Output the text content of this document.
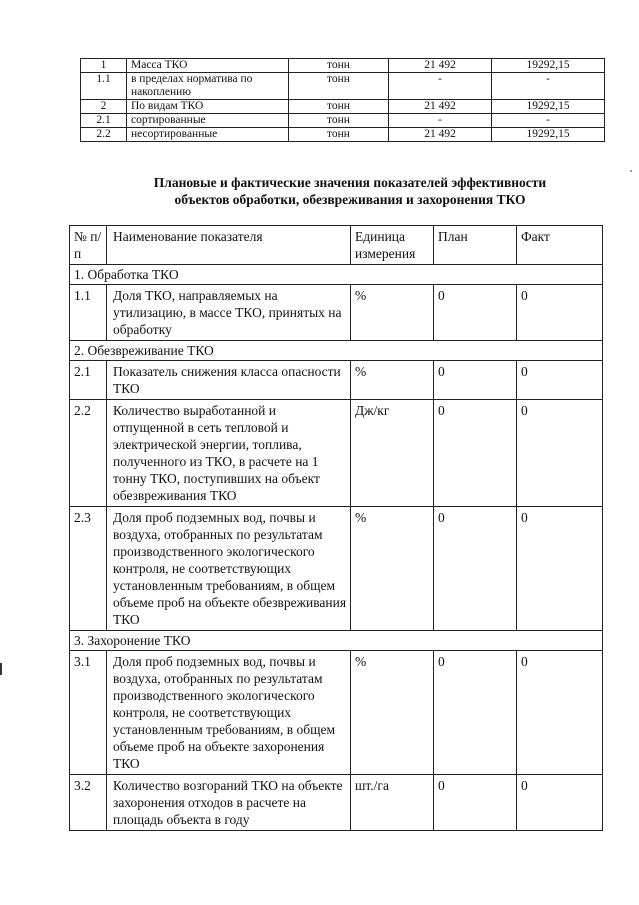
1	Масса ТКО	тонн	21 492	19292,15
1.1	в пределах норматива по накоплению	тонн	-	-
2	По видам ТКО	тонн	21 492	19292,15
2.1	сортированные	тонн	-	-
2.2	несортированные	тонн	21 492	19292,15
Плановые и фактические значения показателей эффективности
объектов обработки, обезвреживания и захоронения ТКО
№ п/п	Наименование показателя	Единица измерения	План	Факт
1. Обработка ТКО				
1.1	Доля ТКО, направляемых на утилизацию, в массе ТКО, принятых на обработку	%	0	0
2. Обезвреживание ТКО				
2.1	Показатель снижения класса опасности ТКО	%	0	0
2.2	Количество выработанной и отпущенной в сеть тепловой и электрической энергии, топлива, полученного из ТКО, в расчете на 1 тонну ТКО, поступивших на объект обезвреживания ТКО	Дж/кг	0	0
2.3	Доля проб подземных вод, почвы и воздуха, отобранных по результатам производственного экологического контроля, не соответствующих установленным требованиям, в общем объеме проб на объекте обезвреживания ТКО	%	0	0
3. Захоронение ТКО				
3.1	Доля проб подземных вод, почвы и воздуха, отобранных по результатам производственного экологического контроля, не соответствующих установленным требованиям, в общем объеме проб на объекте захоронения ТКО	%	0	0
3.2	Количество возгораний ТКО на объекте захоронения отходов в расчете на площадь объекта в году	шт./га	0	0
